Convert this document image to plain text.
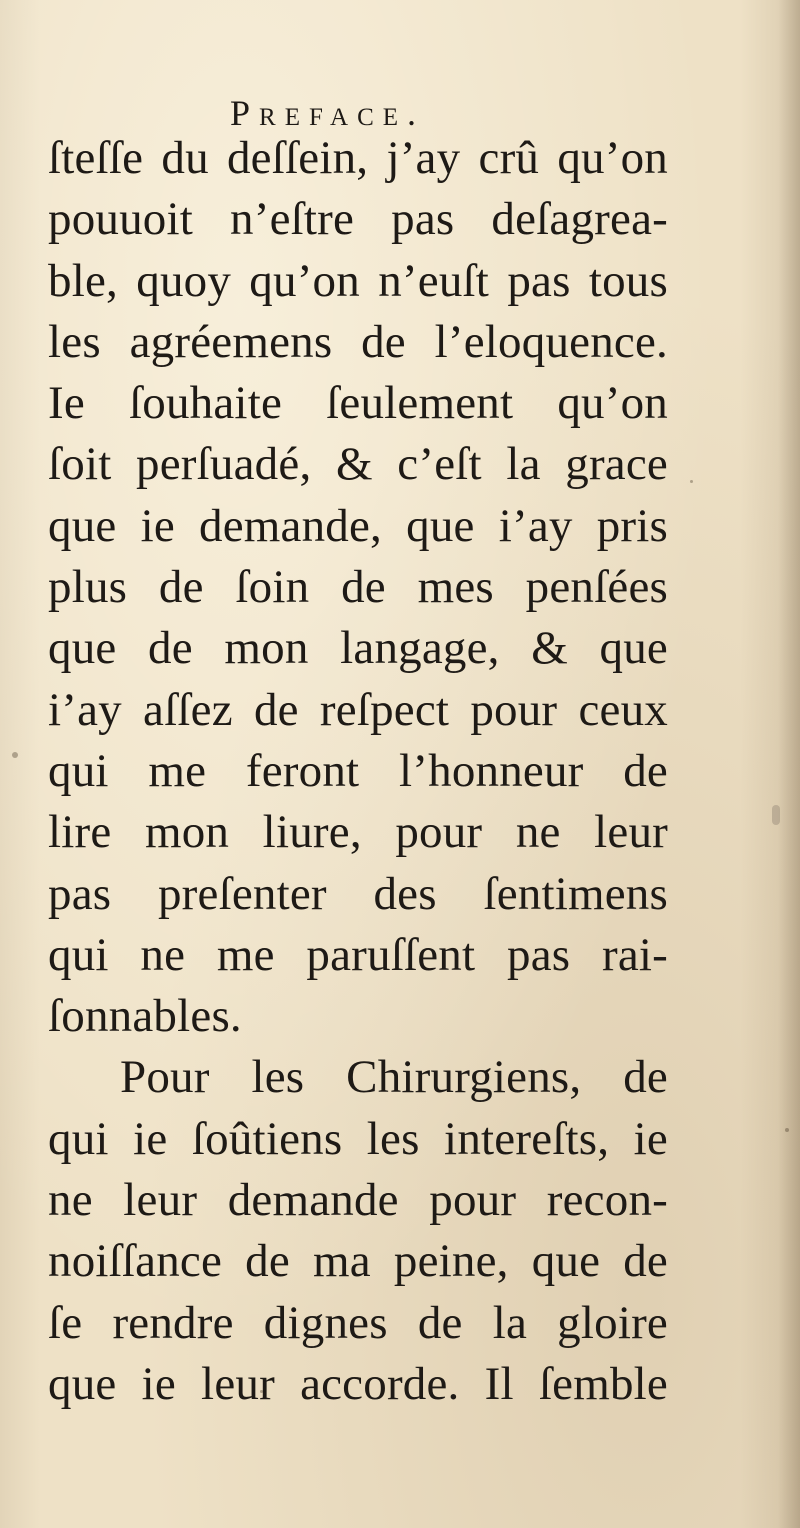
Preface.
ſteſſe du deſſein, j’ay crû qu’on
pouuoit n’eſtre pas deſagrea-
ble, quoy qu’on n’euſt pas tous
les agréemens de l’eloquence.
Ie ſouhaite ſeulement qu’on
ſoit perſuadé, & c’eſt la grace
que ie demande, que i’ay pris
plus de ſoin de mes penſées
que de mon langage, & que
i’ay aſſez de reſpect pour ceux
qui me feront l’honneur de
lire mon liure, pour ne leur
pas preſenter des ſentimens
qui ne me paruſſent pas rai-
ſonnables.
Pour les Chirurgiens, de
qui ie ſoûtiens les intereſts, ie
ne leur demande pour recon-
noiſſance de ma peine, que de
ſe rendre dignes de la gloire
que ie leur accorde. Il ſemble
